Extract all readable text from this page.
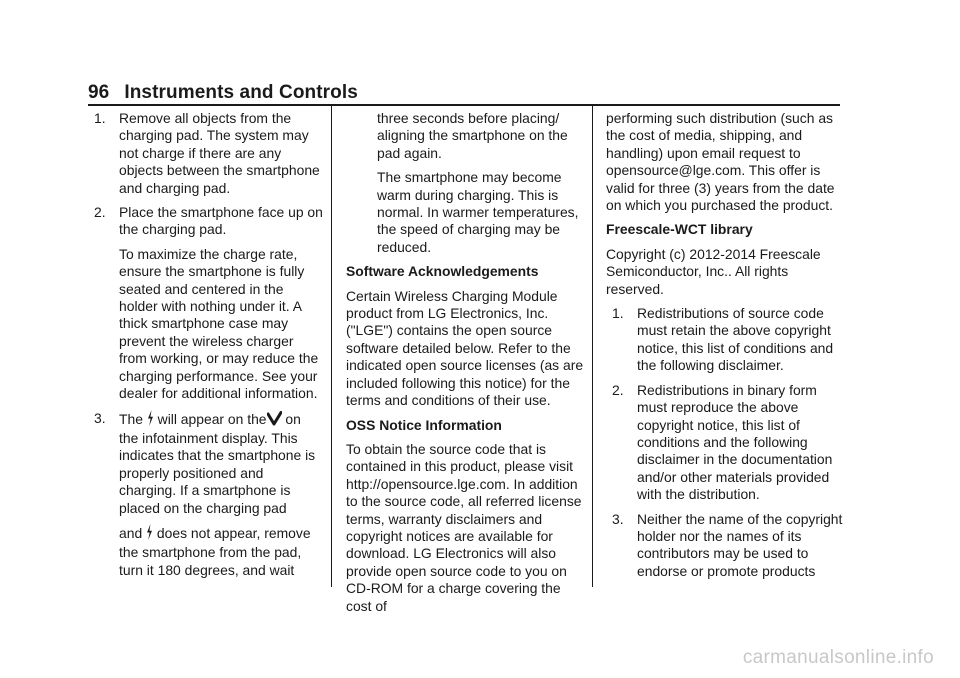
96 Instruments and Controls
1. Remove all objects from the charging pad. The system may not charge if there are any objects between the smartphone and charging pad.

2. Place the smartphone face up on the charging pad.

To maximize the charge rate, ensure the smartphone is fully seated and centered in the holder with nothing under it. A thick smartphone case may prevent the wireless charger from working, or may reduce the charging performance. See your dealer for additional information.

3. The will appear on the on the infotainment display. This indicates that the smartphone is properly positioned and charging. If a smartphone is placed on the charging pad

and does not appear, remove the smartphone from the pad, turn it 180 degrees, and wait

three seconds before placing/ aligning the smartphone on the pad again.

The smartphone may become warm during charging. This is normal. In warmer temperatures, the speed of charging may be reduced.

Software Acknowledgements

Certain Wireless Charging Module product from LG Electronics, Inc. ("LGE") contains the open source software detailed below. Refer to the indicated open source licenses (as are included following this notice) for the terms and conditions of their use.

OSS Notice Information

To obtain the source code that is contained in this product, please visit http://opensource.lge.com. In addition to the source code, all referred license terms, warranty disclaimers and copyright notices are available for download. LG Electronics will also provide open source code to you on CD-ROM for a charge covering the cost of

performing such distribution (such as the cost of media, shipping, and handling) upon email request to opensource@lge.com. This offer is valid for three (3) years from the date on which you purchased the product.

Freescale-WCT library

Copyright (c) 2012-2014 Freescale Semiconductor, Inc.. All rights reserved.

1. Redistributions of source code must retain the above copyright notice, this list of conditions and the following disclaimer.

2. Redistributions in binary form must reproduce the above copyright notice, this list of conditions and the following disclaimer in the documentation and/or other materials provided with the distribution.

3. Neither the name of the copyright holder nor the names of its contributors may be used to endorse or promote products

carmanualsonline.info
